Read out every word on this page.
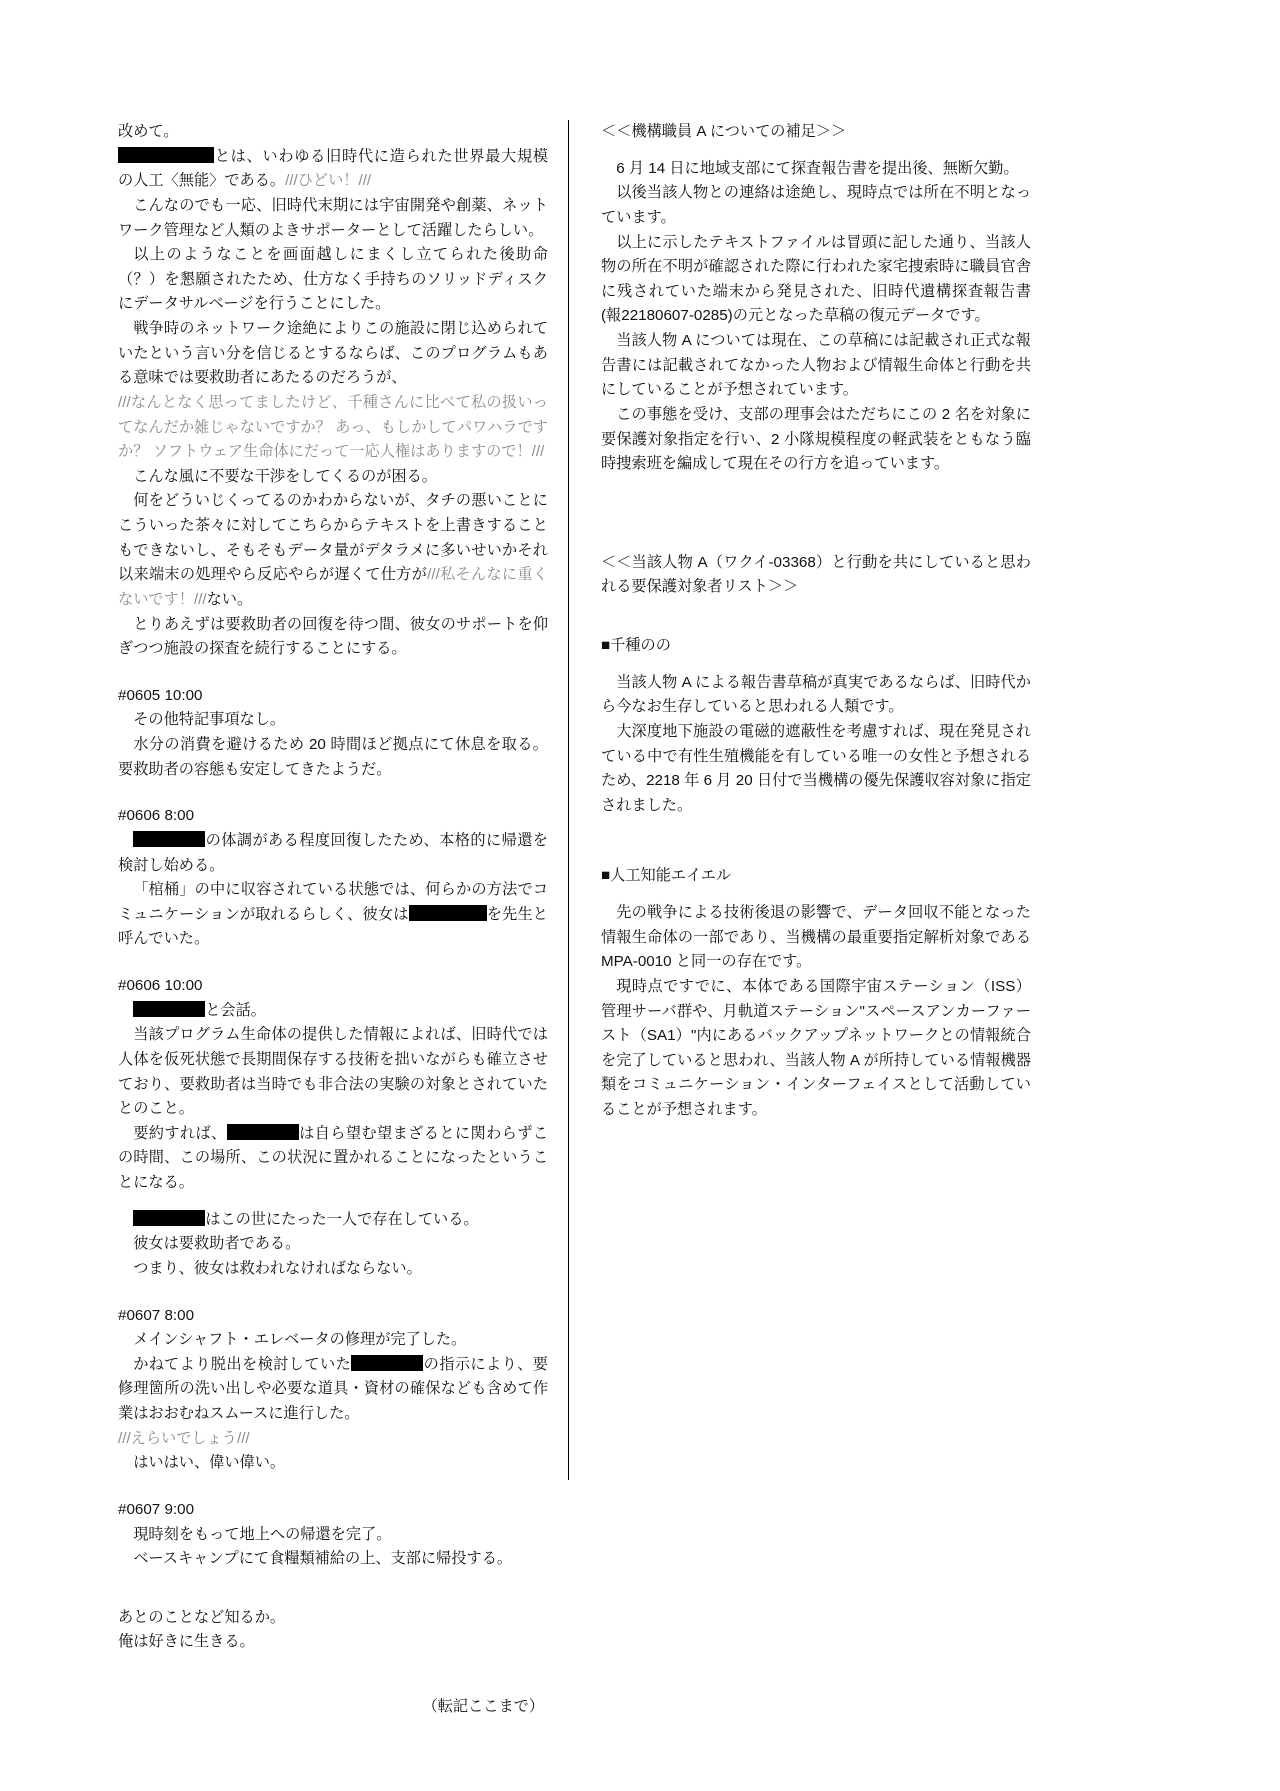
改めて。

とは、いわゆる旧時代に造られた世界最大規模の人工〈無能〉である。///ひどい！///

こんなのでも一応、旧時代末期には宇宙開発や創薬、ネットワーク管理など人類のよきサポーターとして活躍したらしい。

以上のようなことを画面越しにまくし立てられた後助命（？）を懇願されたため、仕方なく手持ちのソリッドディスクにデータサルベージを行うことにした。

戦争時のネットワーク途絶によりこの施設に閉じ込められていたという言い分を信じるとするならば、このプログラムもある意味では要救助者にあたるのだろうが、

///なんとなく思ってましたけど、千種さんに比べて私の扱いってなんだか雑じゃないですか？ あっ、もしかしてパワハラですか？ ソフトウェア生命体にだって一応人権はありますので！///

こんな風に不要な干渉をしてくるのが困る。

何をどういじくってるのかわからないが、タチの悪いことにこういった茶々に対してこちらからテキストを上書きすることもできないし、そもそもデータ量がデタラメに多いせいかそれ以来端末の処理やら反応やらが遅くて仕方が///私そんなに重くないです！///ない。

とりあえずは要救助者の回復を待つ間、彼女のサポートを仰ぎつつ施設の探査を続行することにする。

#0605 10:00

その他特記事項なし。

水分の消費を避けるため 20 時間ほど拠点にて休息を取る。要救助者の容態も安定してきたようだ。

#0606 8:00

の体調がある程度回復したため、本格的に帰還を検討し始める。

「棺桶」の中に収容されている状態では、何らかの方法でコミュニケーションが取れるらしく、彼女は	を先生と呼んでいた。

#0606 10:00

と会話。

当該プログラム生命体の提供した情報によれば、旧時代では人体を仮死状態で長期間保存する技術を拙いながらも確立させており、要救助者は当時でも非合法の実験の対象とされていたとのこと。

要約すれば、	は自ら望む望まざるとに関わらずこの時間、この場所、この状況に置かれることになったということになる。

はこの世にたった一人で存在している。

彼女は要救助者である。

つまり、彼女は救われなければならない。

#0607 8:00

メインシャフト・エレベータの修理が完了した。

かねてより脱出を検討していた	の指示により、要修理箇所の洗い出しや必要な道具・資材の確保なども含めて作業はおおむねスムースに進行した。

///えらいでしょう///

はいはい、偉い偉い。

#0607 9:00

現時刻をもって地上への帰還を完了。

ベースキャンプにて食糧類補給の上、支部に帰投する。

あとのことなど知るか。

俺は好きに生きる。

（転記ここまで）

＜＜機構職員 A についての補足＞＞

6 月 14 日に地域支部にて探査報告書を提出後、無断欠勤。

以後当該人物との連絡は途絶し、現時点では所在不明となっています。

以上に示したテキストファイルは冒頭に記した通り、当該人物の所在不明が確認された際に行われた家宅捜索時に職員官舎に残されていた端末から発見された、旧時代遺構探査報告書(報22180607-0285)の元となった草稿の復元データです。

当該人物 A については現在、この草稿には記載され正式な報告書には記載されてなかった人物および情報生命体と行動を共にしていることが予想されています。

この事態を受け、支部の理事会はただちにこの 2 名を対象に要保護対象指定を行い、2 小隊規模程度の軽武装をともなう臨時捜索班を編成して現在その行方を追っています。

＜＜当該人物 A（ワクイ-03368）と行動を共にしていると思われる要保護対象者リスト＞＞

■千種のの

当該人物 A による報告書草稿が真実であるならば、旧時代から今なお生存していると思われる人類です。

大深度地下施設の電磁的遮蔽性を考慮すれば、現在発見されている中で有性生殖機能を有している唯一の女性と予想されるため、2218 年 6 月 20 日付で当機構の優先保護収容対象に指定されました。

■人工知能エイエル

先の戦争による技術後退の影響で、データ回収不能となった情報生命体の一部であり、当機構の最重要指定解析対象であるMPA-0010 と同一の存在です。

現時点ですでに、本体である国際宇宙ステーション（ISS）管理サーバ群や、月軌道ステーション"スペースアンカーファースト（SA1）"内にあるバックアップネットワークとの情報統合を完了していると思われ、当該人物 A が所持している情報機器類をコミュニケーション・インターフェイスとして活動していることが予想されます。
